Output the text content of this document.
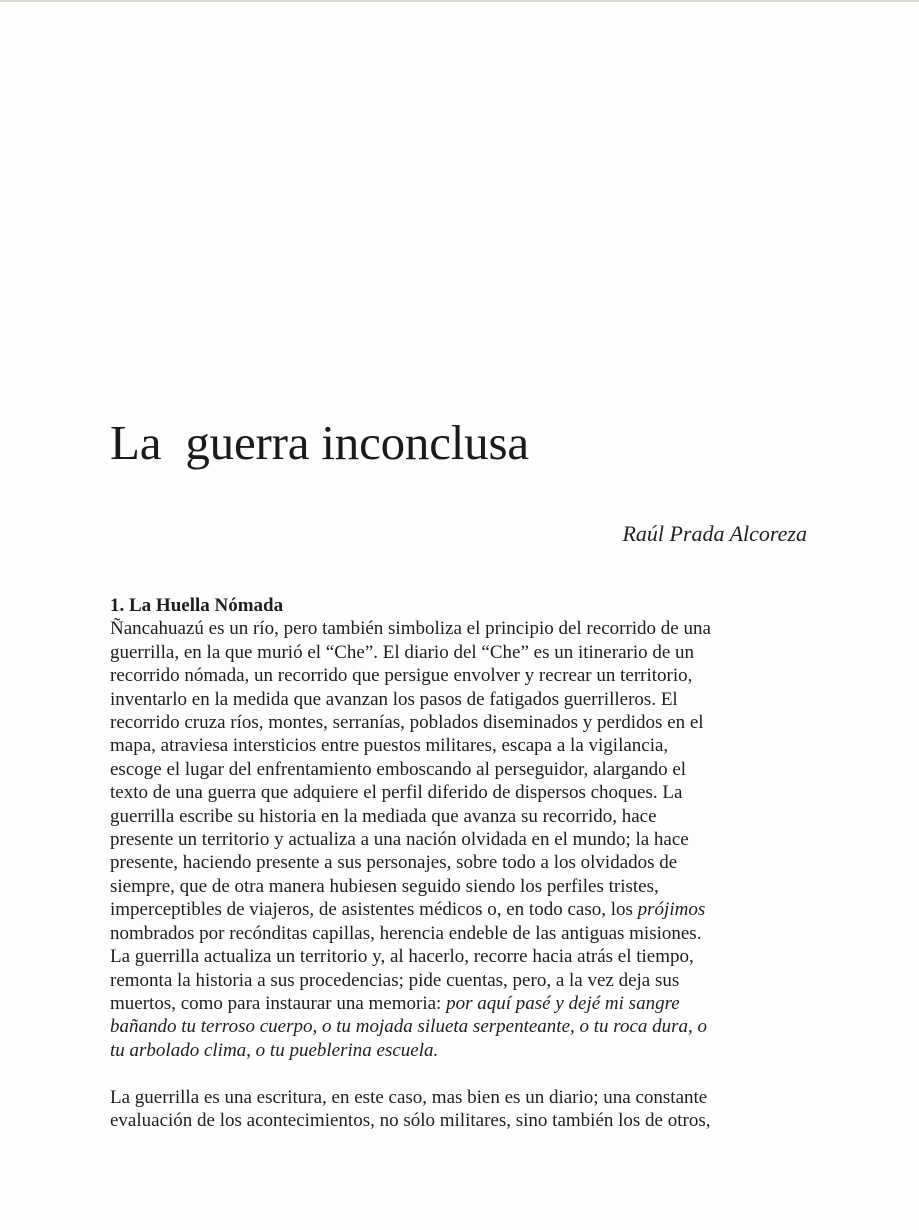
La  guerra inconclusa
Raúl Prada Alcoreza
1. La Huella Nómada
Ñancahuazú es un río, pero también simboliza el principio del recorrido de una
guerrilla, en la que murió el “Che”. El diario del “Che” es un itinerario de un
recorrido nómada, un recorrido que persigue envolver y recrear un territorio,
inventarlo en la medida que avanzan los pasos de fatigados guerrilleros. El
recorrido cruza ríos, montes, serranías, poblados diseminados y perdidos en el
mapa, atraviesa intersticios entre puestos militares, escapa a la vigilancia,
escoge el lugar del enfrentamiento emboscando al perseguidor, alargando el
texto de una guerra que adquiere el perfil diferido de dispersos choques. La
guerrilla escribe su historia en la mediada que avanza su recorrido, hace
presente un territorio y actualiza a una nación olvidada en el mundo; la hace
presente, haciendo presente a sus personajes, sobre todo a los olvidados de
siempre, que de otra manera hubiesen seguido siendo los perfiles tristes,
imperceptibles de viajeros, de asistentes médicos o, en todo caso, los prójimos
nombrados por recónditas capillas, herencia endeble de las antiguas misiones.
La guerrilla actualiza un territorio y, al hacerlo, recorre hacia atrás el tiempo,
remonta la historia a sus procedencias; pide cuentas, pero, a la vez deja sus
muertos, como para instaurar una memoria: por aquí pasé y dejé mi sangre
bañando tu terroso cuerpo, o tu mojada silueta serpenteante, o tu roca dura, o
tu arbolado clima, o tu pueblerina escuela.
La guerrilla es una escritura, en este caso, mas bien es un diario; una constante
evaluación de los acontecimientos, no sólo militares, sino también los de otros,
